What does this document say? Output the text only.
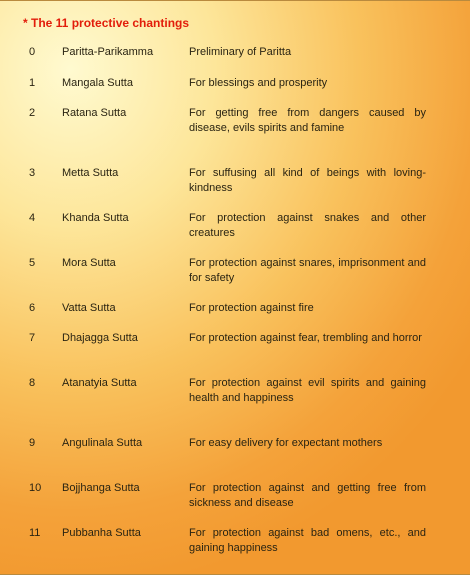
* The 11 protective chantings
0	Paritta-Parikamma	Preliminary of Paritta
1	Mangala Sutta	For blessings and prosperity
2	Ratana Sutta	For getting free from dangers caused by disease, evils spirits and famine
3	Metta Sutta	For suffusing all kind of beings with loving-kindness
4	Khanda Sutta	For protection against snakes and other creatures
5	Mora Sutta	For protection against snares, imprisonment and for safety
6	Vatta Sutta	For protection against fire
7	Dhajagga Sutta	For protection against fear, trembling and horror
8	Atanatyia Sutta	For protection against evil spirits and gaining health and happiness
9	Angulinala Sutta	For easy delivery for expectant mothers
10	Bojjhanga Sutta	For protection against and getting free from sickness and disease
11	Pubbanha Sutta	For protection against bad omens, etc., and gaining happiness
